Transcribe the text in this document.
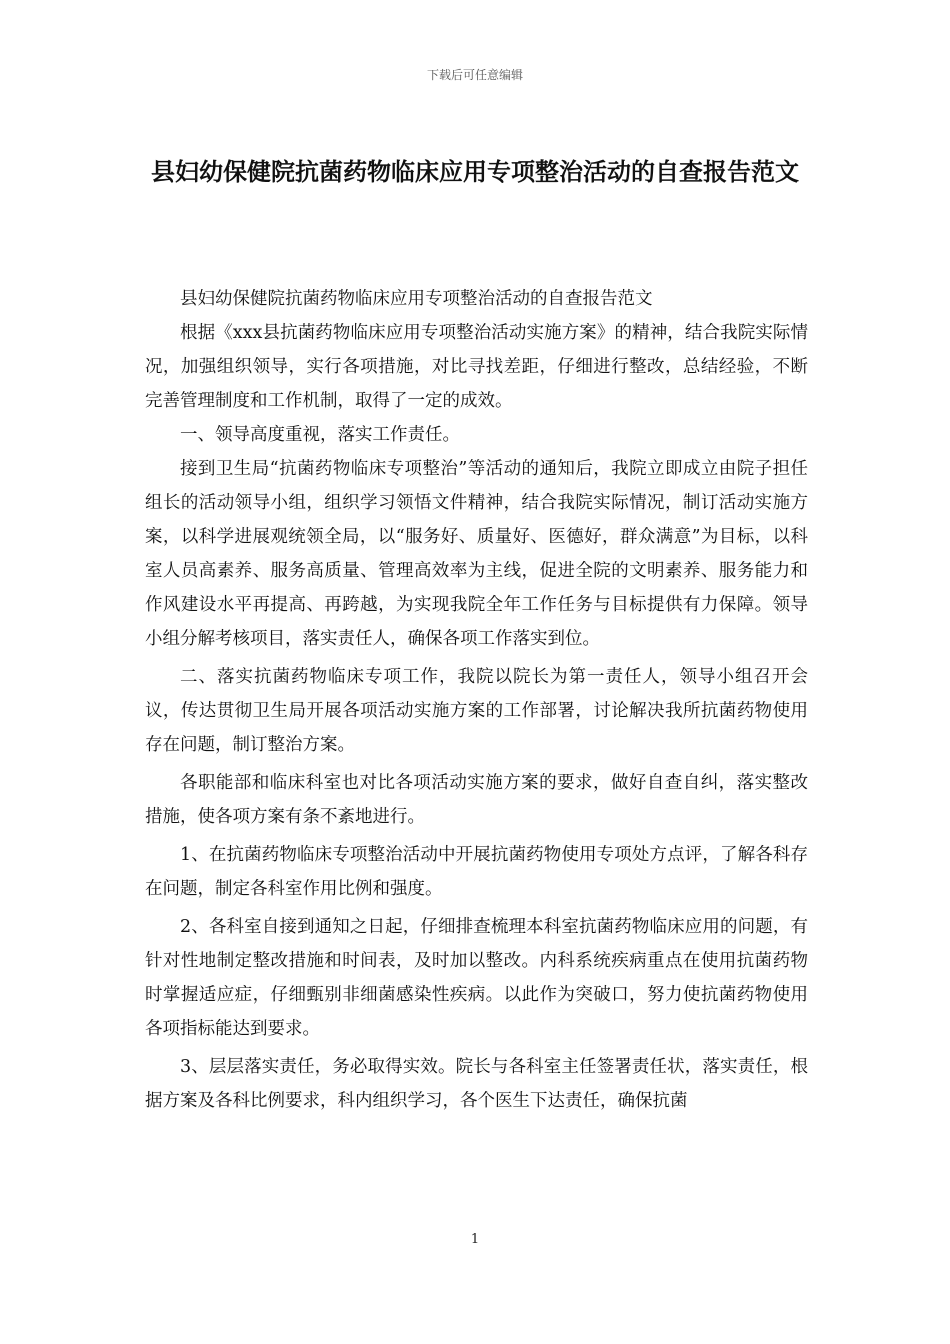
下载后可任意编辑
县妇幼保健院抗菌药物临床应用专项整治活动的自查报告范文

县妇幼保健院抗菌药物临床应用专项整治活动的自查报告范文

根据《xxx县抗菌药物临床应用专项整治活动实施方案》的精神，结合我院实际情况，加强组织领导，实行各项措施，对比寻找差距，仔细进行整改，总结经验，不断完善管理制度和工作机制，取得了一定的成效。

一、领导高度重视，落实工作责任。

接到卫生局“抗菌药物临床专项整治”等活动的通知后，我院立即成立由院子担任组长的活动领导小组，组织学习领悟文件精神，结合我院实际情况，制订活动实施方案，以科学进展观统领全局，以“服务好、质量好、医德好，群众满意”为目标，以科室人员高素养、服务高质量、管理高效率为主线，促进全院的文明素养、服务能力和作风建设水平再提高、再跨越，为实现我院全年工作任务与目标提供有力保障。领导小组分解考核项目，落实责任人，确保各项工作落实到位。

二、落实抗菌药物临床专项工作，我院以院长为第一责任人，领导小组召开会议，传达贯彻卫生局开展各项活动实施方案的工作部署，讨论解决我所抗菌药物使用存在问题，制订整治方案。

各职能部和临床科室也对比各项活动实施方案的要求，做好自查自纠，落实整改措施，使各项方案有条不紊地进行。

1、在抗菌药物临床专项整治活动中开展抗菌药物使用专项处方点评，了解各科存在问题，制定各科室作用比例和强度。

2、各科室自接到通知之日起，仔细排查梳理本科室抗菌药物临床应用的问题，有针对性地制定整改措施和时间表，及时加以整改。内科系统疾病重点在使用抗菌药物时掌握适应症，仔细甄别非细菌感染性疾病。以此作为突破口，努力使抗菌药物使用各项指标能达到要求。

3、层层落实责任，务必取得实效。院长与各科室主任签署责任状，落实责任，根据方案及各科比例要求，科内组织学习，各个医生下达责任，确保抗菌

1
